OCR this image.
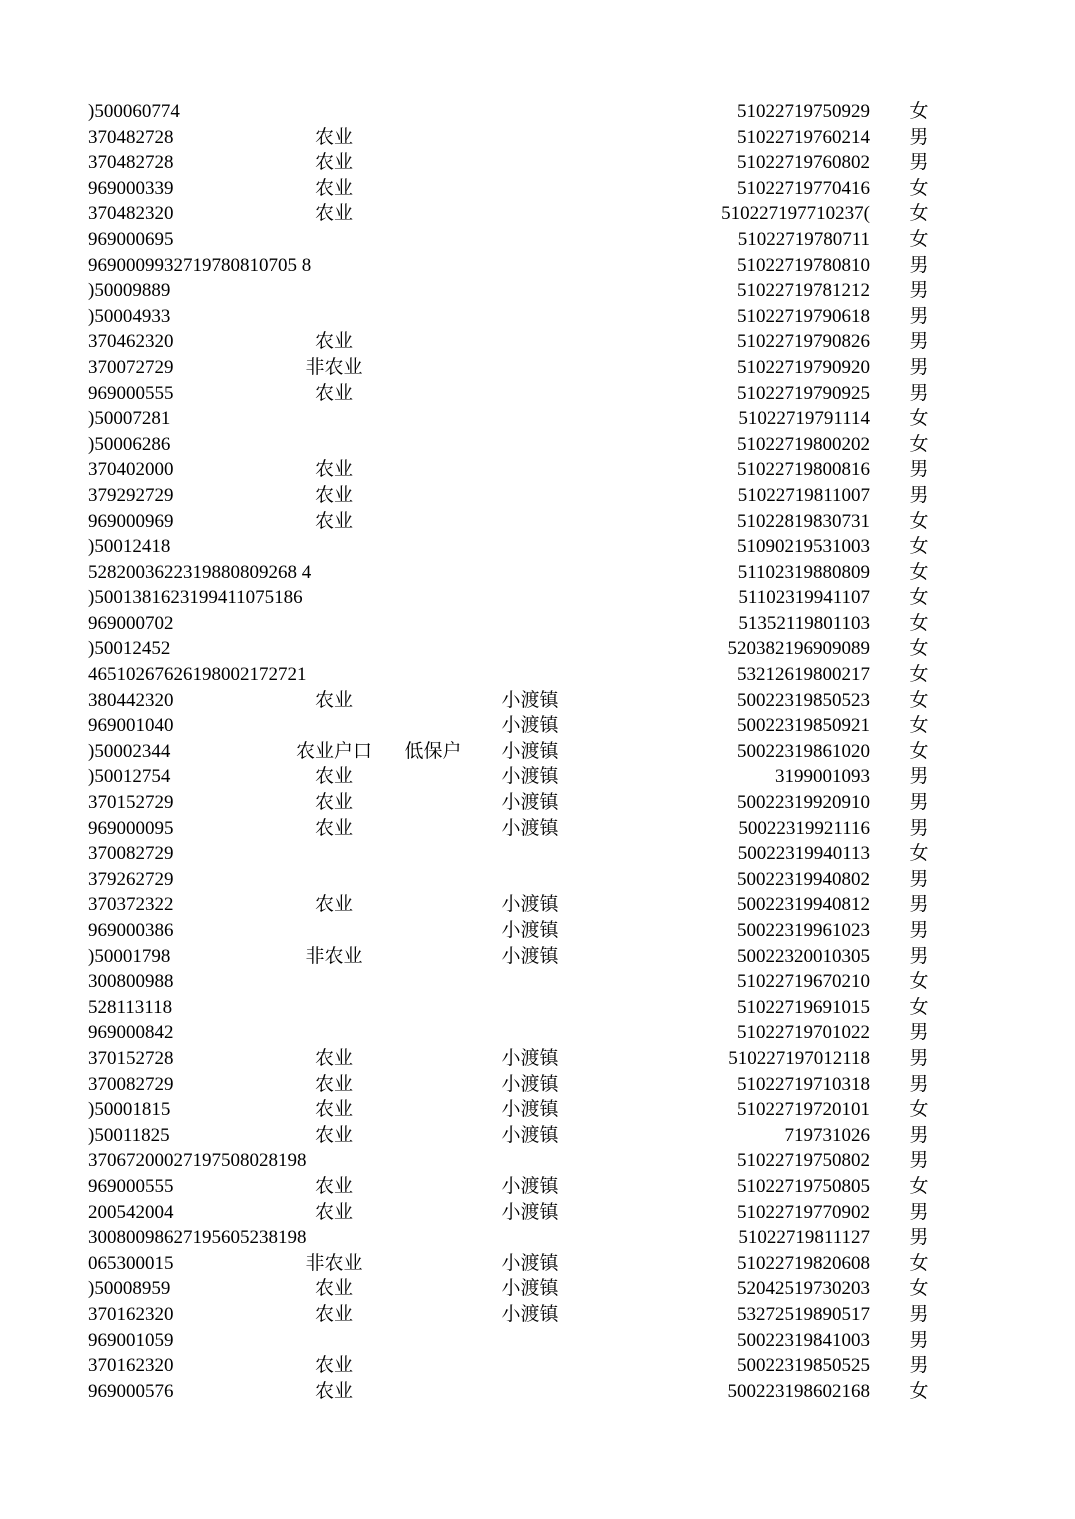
)500060774	51022719750929 女
370482728	农业	51022719760214 男
370482728	农业	51022719760802 男
969000339	农业	51022719770416 女
370482320	农业	510227197710237( 女
969000695	51022719780711 女
9690009932719780810705 8	51022719780810 男
)50009889	51022719781212 男
)50004933	51022719790618 男
370462320	农业	51022719790826 男
370072729	非农业	51022719790920 男
969000555	农业	51022719790925 男
)50007281	51022719791114 女
)50006286	51022719800202 女
370402000	农业	51022719800816 男
379292729	农业	51022719811007 男
969000969	农业	51022819830731 女
)50012418	51090219531003 女
5282003622319880809268 4	51102319880809 女
)5001381623199411075186	51102319941107 女
969000702	51352119801103 女
)50012452	520382196909089 女
46510267626198002172721	53212619800217 女
380442320	农业	小渡镇	50022319850523 女
969001040	小渡镇	50022319850921 女
)50002344	农业户口	低保户	小渡镇	50022319861020 女
)50012754	农业	小渡镇	3199001093 男
370152729	农业	小渡镇	50022319920910 男
969000095	农业	小渡镇	50022319921116 男
370082729	50022319940113 女
379262729	50022319940802 男
370372322	农业	小渡镇	50022319940812 男
969000386	小渡镇	50022319961023 男
)50001798	非农业	小渡镇	50022320010305 男
300800988	51022719670210 女
528113118	51022719691015 女
969000842	51022719701022 男
370152728	农业	小渡镇	510227197012118 男
370082729	农业	小渡镇	51022719710318 男
)50001815	农业	小渡镇	51022719720101 女
)50011825	农业	小渡镇	719731026 男
37067200027197508028198	51022719750802 男
969000555	农业	小渡镇	51022719750805 女
200542004	农业	小渡镇	51022719770902 男
30080098627195605238198	51022719811127 男
065300015	非农业	小渡镇	51022719820608 女
)50008959	农业	小渡镇	52042519730203 女
370162320	农业	小渡镇	53272519890517 男
969001059	50022319841003 男
370162320	农业	50022319850525 男
969000576	农业	500223198602168 女
